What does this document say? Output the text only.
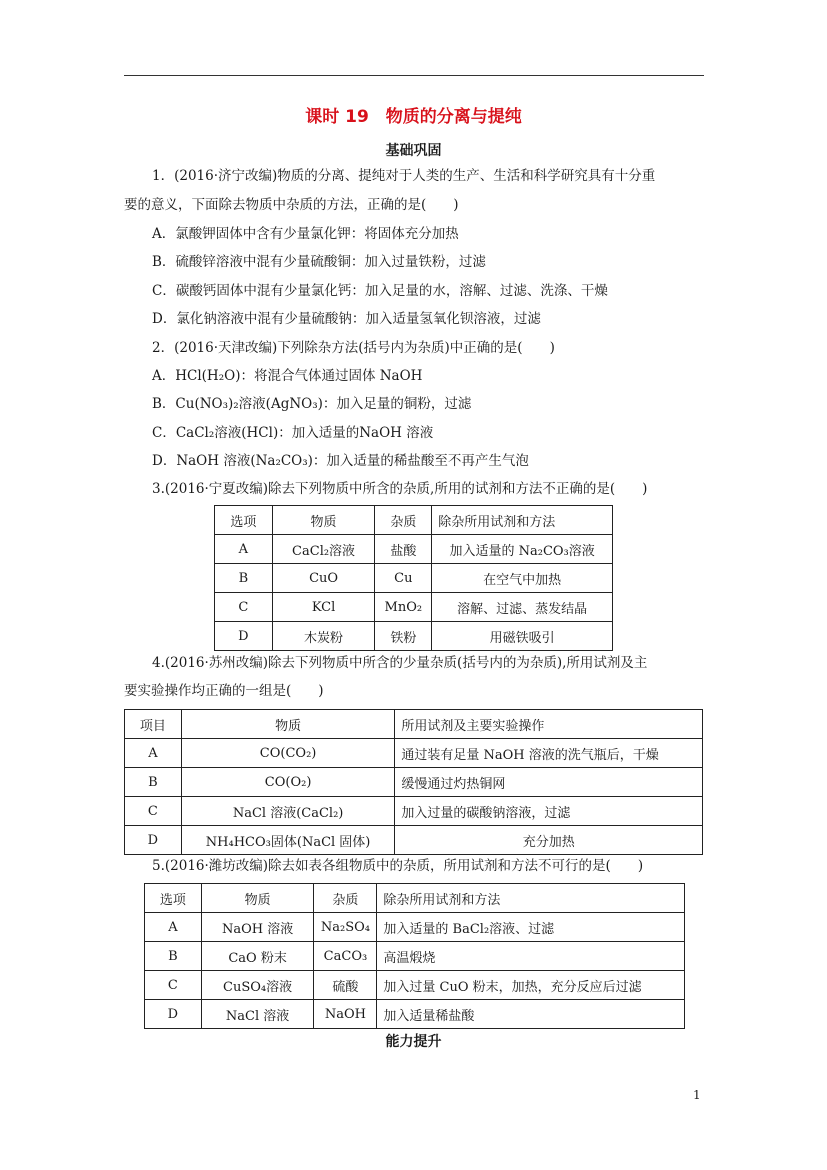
课时 19　物质的分离与提纯
基础巩固
1．(2016·济宁改编)物质的分离、提纯对于人类的生产、生活和科学研究具有十分重
要的意义，下面除去物质中杂质的方法，正确的是(　　)
A．氯酸钾固体中含有少量氯化钾：将固体充分加热
B．硫酸锌溶液中混有少量硫酸铜：加入过量铁粉，过滤
C．碳酸钙固体中混有少量氯化钙：加入足量的水，溶解、过滤、洗涤、干燥
D．氯化钠溶液中混有少量硫酸钠：加入适量氢氧化钡溶液，过滤
2．(2016·天津改编)下列除杂方法(括号内为杂质)中正确的是(　　)
A．HCl(H₂O)：将混合气体通过固体 NaOH
B．Cu(NO₃)₂溶液(AgNO₃)：加入足量的铜粉，过滤
C．CaCl₂溶液(HCl)：加入适量的NaOH 溶液
D．NaOH 溶液(Na₂CO₃)：加入适量的稀盐酸至不再产生气泡
3.(2016·宁夏改编)除去下列物质中所含的杂质,所用的试剂和方法不正确的是(　　)
选项	物质	杂质	除杂所用试剂和方法
A	CaCl₂溶液	盐酸	加入适量的 Na₂CO₃溶液
B	CuO	Cu	在空气中加热
C	KCl	MnO₂	溶解、过滤、蒸发结晶
D	木炭粉	铁粉	用磁铁吸引
4.(2016·苏州改编)除去下列物质中所含的少量杂质(括号内的为杂质),所用试剂及主
要实验操作均正确的一组是(　　)
项目	物质	所用试剂及主要实验操作
A	CO(CO₂)	通过装有足量 NaOH 溶液的洗气瓶后，干燥
B	CO(O₂)	缓慢通过灼热铜网
C	NaCl 溶液(CaCl₂)	加入过量的碳酸钠溶液，过滤
D	NH₄HCO₃固体(NaCl 固体)	充分加热
5.(2016·潍坊改编)除去如表各组物质中的杂质，所用试剂和方法不可行的是(　　)
选项	物质	杂质	除杂所用试剂和方法
A	NaOH 溶液	Na₂SO₄	加入适量的 BaCl₂溶液、过滤
B	CaO 粉末	CaCO₃	高温煅烧
C	CuSO₄溶液	硫酸	加入过量 CuO 粉末，加热，充分反应后过滤
D	NaCl 溶液	NaOH	加入适量稀盐酸
能力提升
1
